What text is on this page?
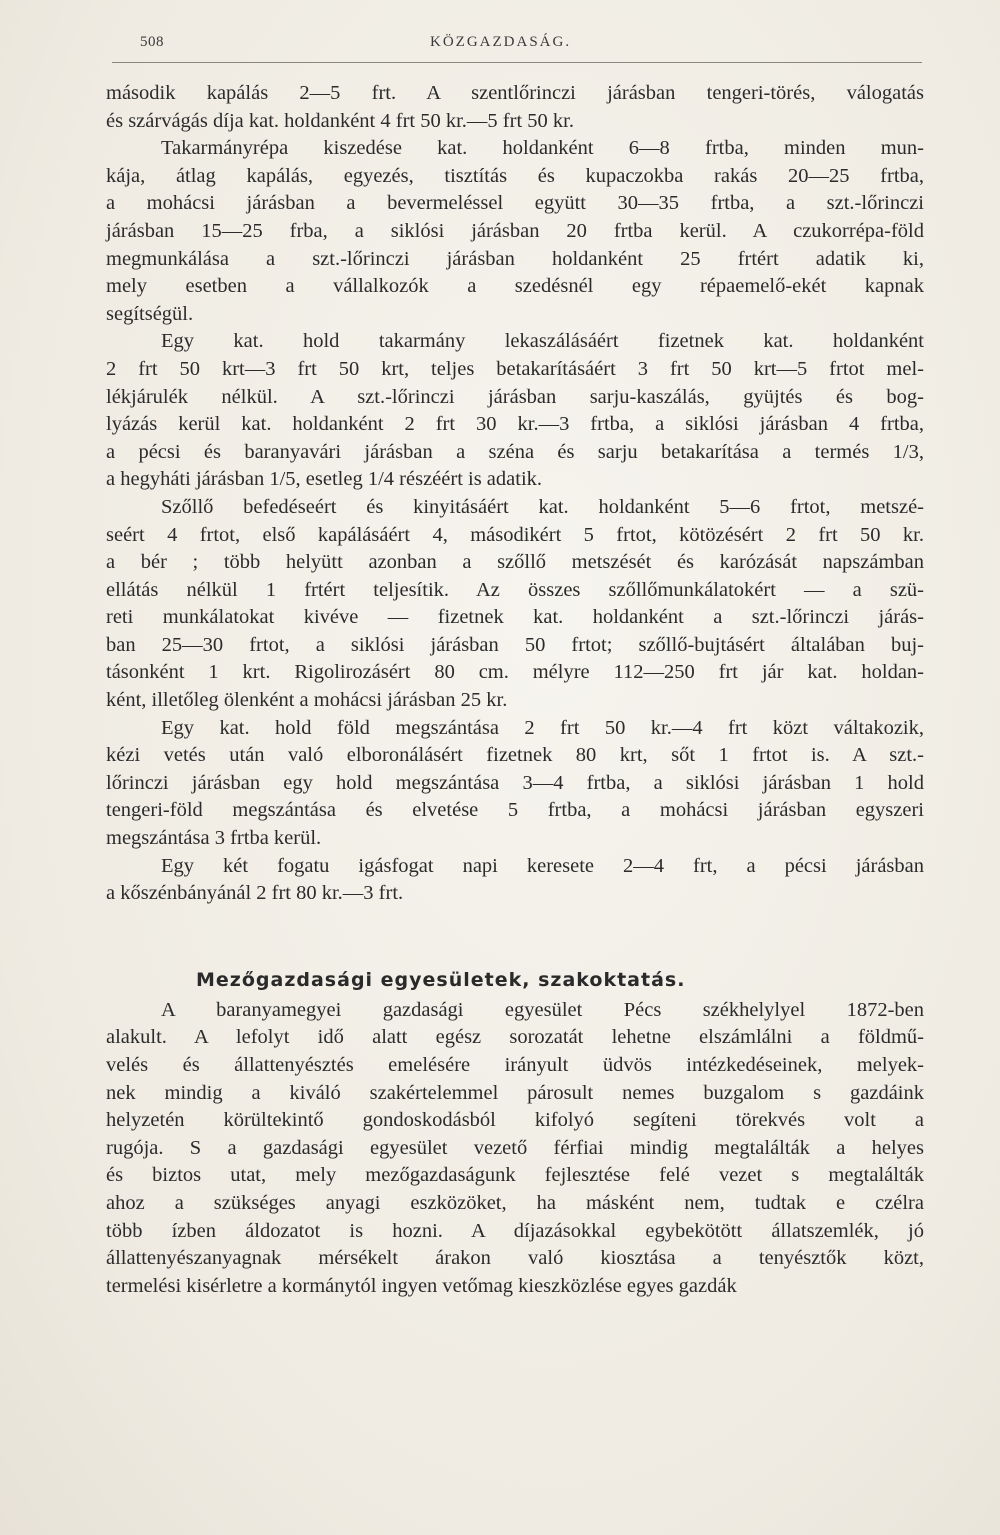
508	KÖZGAZDASÁG.
második kapálás 2—5 frt. A szentlőrinczi járásban tengeri-törés, válogatás
és szárvágás díja kat. holdanként 4 frt 50 kr.—5 frt 50 kr.
Takarmányrépa kiszedése kat. holdanként 6—8 frtba, minden mun-
kája, átlag kapálás, egyezés, tisztítás és kupaczokba rakás 20—25 frtba,
a mohácsi járásban a bevermeléssel együtt 30—35 frtba, a szt.-lőrinczi
járásban 15—25 frba, a siklósi járásban 20 frtba kerül. A czukorrépa-föld
megmunkálása a szt.-lőrinczi járásban holdanként 25 frtért adatik ki,
mely esetben a vállalkozók a szedésnél egy répaemelő-ekét kapnak
segítségül.
Egy kat. hold takarmány lekaszálásáért fizetnek kat. holdanként
2 frt 50 krt—3 frt 50 krt, teljes betakarításáért 3 frt 50 krt—5 frtot mel-
lékjárulék nélkül. A szt.-lőrinczi járásban sarju-kaszálás, gyüjtés és bog-
lyázás kerül kat. holdanként 2 frt 30 kr.—3 frtba, a siklósi járásban 4 frtba,
a pécsi és baranyavári járásban a széna és sarju betakarítása a termés 1/3,
a hegyháti járásban 1/5, esetleg 1/4 részéért is adatik.
Szőllő befedéseért és kinyitásáért kat. holdanként 5—6 frtot, metszé-
seért 4 frtot, első kapálásáért 4, másodikért 5 frtot, kötözésért 2 frt 50 kr.
a bér ; több helyütt azonban a szőllő metszését és karózását napszámban
ellátás nélkül 1 frtért teljesítik. Az összes szőllőmunkálatokért — a szü-
reti munkálatokat kivéve — fizetnek kat. holdanként a szt.-lőrinczi járás-
ban 25—30 frtot, a siklósi járásban 50 frtot; szőllő-bujtásért általában buj-
tásonként 1 krt. Rigolirozásért 80 cm. mélyre 112—250 frt jár kat. holdan-
ként, illetőleg ölenként a mohácsi járásban 25 kr.
Egy kat. hold föld megszántása 2 frt 50 kr.—4 frt közt váltakozik,
kézi vetés után való elboronálásért fizetnek 80 krt, sőt 1 frtot is. A szt.-
lőrinczi járásban egy hold megszántása 3—4 frtba, a siklósi járásban 1 hold
tengeri-föld megszántása és elvetése 5 frtba, a mohácsi járásban egyszeri
megszántása 3 frtba kerül.
Egy két fogatu igásfogat napi keresete 2—4 frt, a pécsi járásban
a kőszénbányánál 2 frt 80 kr.—3 frt.
Mezőgazdasági egyesületek, szakoktatás.
A baranyamegyei gazdasági egyesület Pécs székhelylyel 1872-ben
alakult. A lefolyt idő alatt egész sorozatát lehetne elszámlálni a földmű-
velés és állattenyésztés emelésére irányult üdvös intézkedéseinek, melyek-
nek mindig a kiváló szakértelemmel párosult nemes buzgalom s gazdáink
helyzetén körültekintő gondoskodásból kifolyó segíteni törekvés volt a
rugója. S a gazdasági egyesület vezető férfiai mindig megtalálták a helyes
és biztos utat, mely mezőgazdaságunk fejlesztése felé vezet s megtalálták
ahoz a szükséges anyagi eszközöket, ha másként nem, tudtak e czélra
több ízben áldozatot is hozni. A díjazásokkal egybekötött állatszemlék, jó
állattenyészanyagnak mérsékelt árakon való kiosztása a tenyésztők közt,
termelési kisérletre a kormánytól ingyen vetőmag kieszközlése egyes gazdák
